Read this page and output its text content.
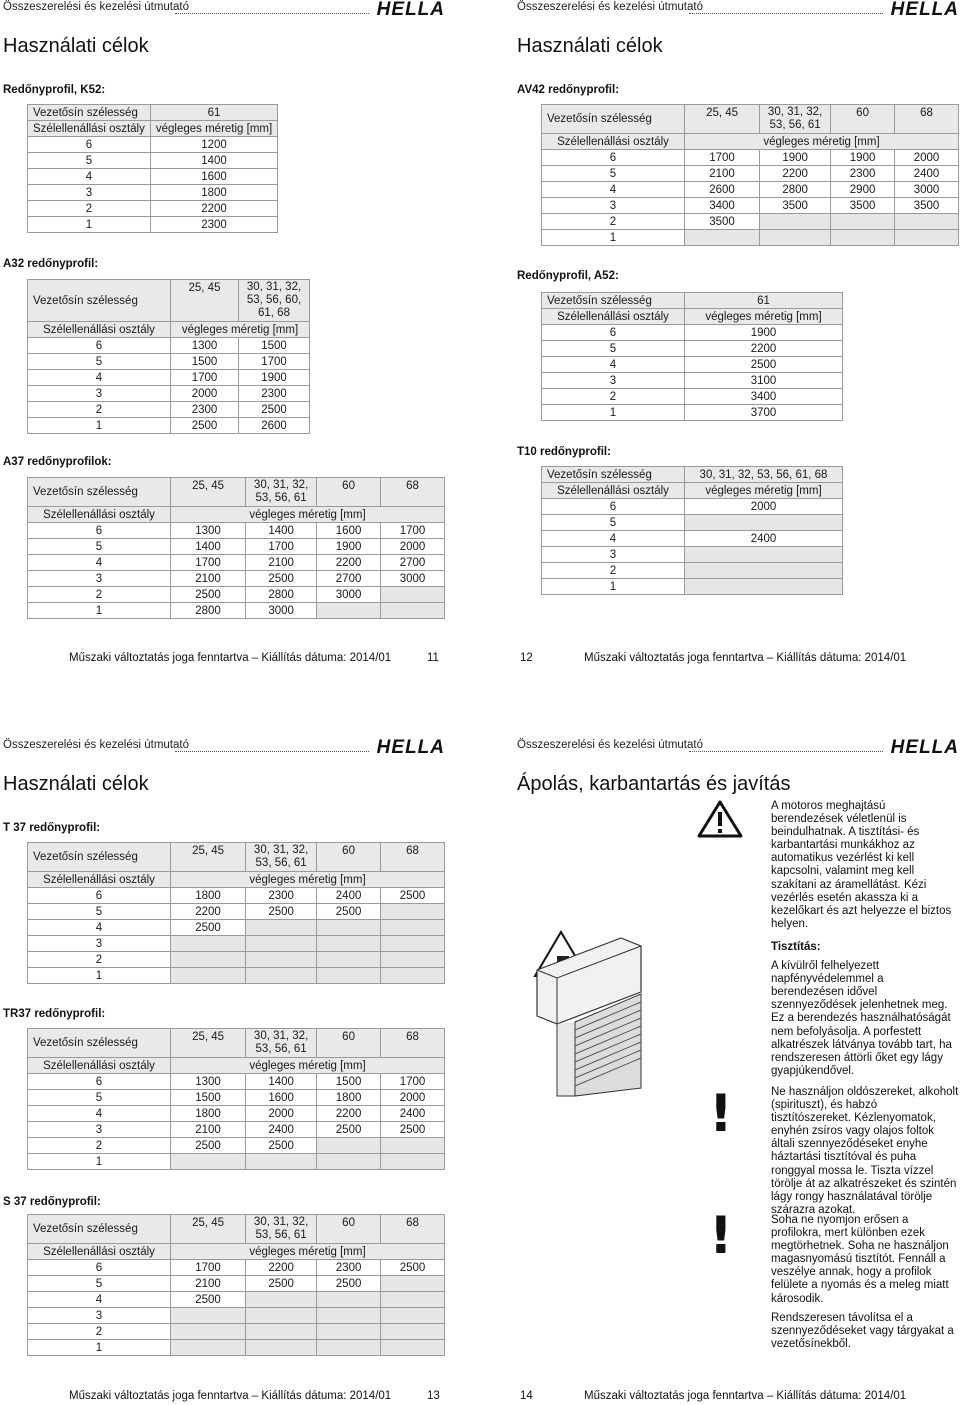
Összeszerelési és kezelési útmutató	HELLA
Használati célok
Redőnyprofil, K52:
Vezetősín szélesség	61
Szélellenállási osztály	végleges méretig [mm]
6	1200
5	1400
4	1600
3	1800
2	2200
1	2300
A32 redőnyprofil:
Vezetősín szélesség	25, 45	30, 31, 32, 53, 56, 60, 61, 68
Szélellenállási osztály	végleges méretig [mm]	
6	1300	1500
5	1500	1700
4	1700	1900
3	2000	2300
2	2300	2500
1	2500	2600
A37 redőnyprofilok:
Vezetősín szélesség	25, 45	30, 31, 32, 53, 56, 61	60	68
Szélellenállási osztály	végleges méretig [mm]			
6	1300	1400	1600	1700
5	1400	1700	1900	2000
4	1700	2100	2200	2700
3	2100	2500	2700	3000
2	2500	2800	3000	
1	2800	3000		
Műszaki változtatás joga fenntartva – Kiállítás dátuma: 2014/01	11
Összeszerelési és kezelési útmutató	HELLA
Használati célok
AV42 redőnyprofil:
Vezetősín szélesség	25, 45	30, 31, 32, 53, 56, 61	60	68
Szélellenállási osztály	végleges méretig [mm]			
6	1700	1900	1900	2000
5	2100	2200	2300	2400
4	2600	2800	2900	3000
3	3400	3500	3500	3500
2	3500			
1				
Redőnyprofil, A52:
Vezetősín szélesség	61
Szélellenállási osztály	végleges méretig [mm]
6	1900
5	2200
4	2500
3	3100
2	3400
1	3700
T10 redőnyprofil:
Vezetősín szélesség	30, 31, 32, 53, 56, 61, 68
Szélellenállási osztály	végleges méretig [mm]
6	2000
5	
4	2400
3	
2	
1	
12	Műszaki változtatás joga fenntartva – Kiállítás dátuma: 2014/01
Összeszerelési és kezelési útmutató	HELLA
Használati célok
T 37 redőnyprofil:
Vezetősín szélesség	25, 45	30, 31, 32, 53, 56, 61	60	68
Szélellenállási osztály	végleges méretig [mm]			
6	1800	2300	2400	2500
5	2200	2500	2500	
4	2500			
3				
2				
1				
TR37 redőnyprofil:
Vezetősín szélesség	25, 45	30, 31, 32, 53, 56, 61	60	68
Szélellenállási osztály	végleges méretig [mm]			
6	1300	1400	1500	1700
5	1500	1600	1800	2000
4	1800	2000	2200	2400
3	2100	2400	2500	2500
2	2500	2500		
1				
S 37 redőnyprofil:
Vezetősín szélesség	25, 45	30, 31, 32, 53, 56, 61	60	68
Szélellenállási osztály	végleges méretig [mm]			
6	1700	2200	2300	2500
5	2100	2500	2500	
4	2500			
3				
2				
1				
Műszaki változtatás joga fenntartva – Kiállítás dátuma: 2014/01	13
Összeszerelési és kezelési útmutató	HELLA
Ápolás, karbantartás és javítás

A motoros meghajtású berendezések véletlenül is beindulhatnak. A tisztítási- és karbantartási munkákhoz az automatikus vezérlést ki kell kapcsolni, valamint meg kell szakítani az áramellátást. Kézi vezérlés esetén akassza ki a kezelőkart és azt helyezze el biztos helyen.

Tisztítás:

A kívülről felhelyezett napfényvédelemmel a berendezésen idővel szennyeződések jelenhetnek meg. Ez a berendezés használhatóságát nem befolyásolja. A porfestett alkatrészek látványa tovább tart, ha rendszeresen áttörli őket egy lágy gyapjúkendővel.

!	Ne használjon oldószereket, alkoholt (spirituszt), és habzó tisztítószereket. Kézlenyomatok, enyhén zsíros vagy olajos foltok általi szennyeződéseket enyhe háztartási tisztítóval és puha ronggyal mossa le. Tiszta vízzel törölje át az alkatrészeket és szintén lágy rongy használatával törölje szárazra azokat.

!	Soha ne nyomjon erősen a profilokra, mert különben ezek megtörhetnek. Soha ne használjon magasnyomású tisztítót. Fennáll a veszélye annak, hogy a profilok felülete a nyomás és a meleg miatt károsodik.

Rendszeresen távolítsa el a szennyeződéseket vagy tárgyakat a vezetősínekből.

14	Műszaki változtatás joga fenntartva – Kiállítás dátuma: 2014/01
